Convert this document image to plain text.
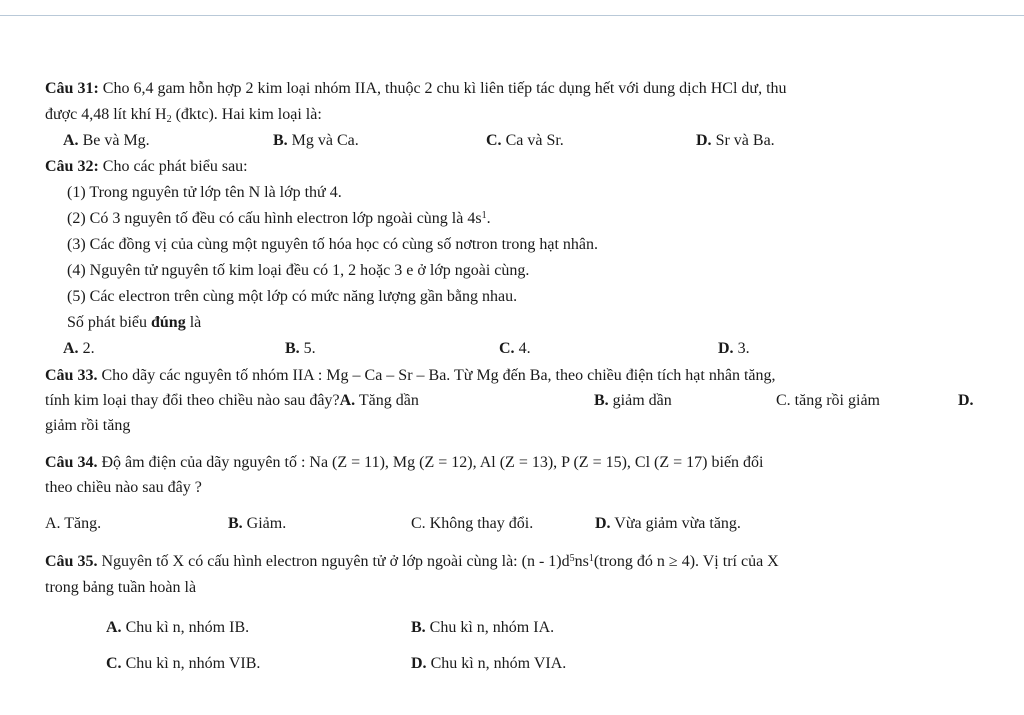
Câu 31: Cho 6,4 gam hỗn hợp 2 kim loại nhóm IIA, thuộc 2 chu kì liên tiếp tác dụng hết với dung dịch HCl dư, thu
được 4,48 lít khí $H_2$ (đktc). Hai kim loại là:
A. Be và Mg.	B. Mg và Ca.	C. Ca và Sr.	D. Sr và Ba.
Câu 32: Cho các phát biểu sau:
(1) Trong nguyên tử lớp tên N là lớp thứ 4.
(2) Có 3 nguyên tố đều có cấu hình electron lớp ngoài cùng là $4s^1$.
(3) Các đồng vị của cùng một nguyên tố hóa học có cùng số nơtron trong hạt nhân.
(4) Nguyên tử nguyên tố kim loại đều có 1, 2 hoặc 3 e ở lớp ngoài cùng.
(5) Các electron trên cùng một lớp có mức năng lượng gần bằng nhau.
Số phát biểu đúng là
A. 2.	B. 5.	C. 4.	D. 3.
Câu 33. Cho dãy các nguyên tố nhóm IIA : Mg – Ca – Sr – Ba. Từ Mg đến Ba, theo chiều điện tích hạt nhân tăng,
tính kim loại thay đổi theo chiều nào sau đây?A. Tăng dần	B. giảm dần	C. tăng rồi giảm	D.
giảm rồi tăng
Câu 34. Độ âm điện của dãy nguyên tố : Na (Z = 11), Mg (Z = 12), Al (Z = 13), P (Z = 15), Cl (Z = 17) biến đổi
theo chiều nào sau đây ?
A. Tăng.	B. Giảm.	C. Không thay đổi.	D. Vừa giảm vừa tăng.
Câu 35. Nguyên tố X có cấu hình electron nguyên tử ở lớp ngoài cùng là: $(n - 1)d^5ns^1(trong$ đó n ≥ 4). Vị trí của X
trong bảng tuần hoàn là
A. Chu kì n, nhóm IB.	B. Chu kì n, nhóm IA.
C. Chu kì n, nhóm VIB.	D. Chu kì n, nhóm VIA.
